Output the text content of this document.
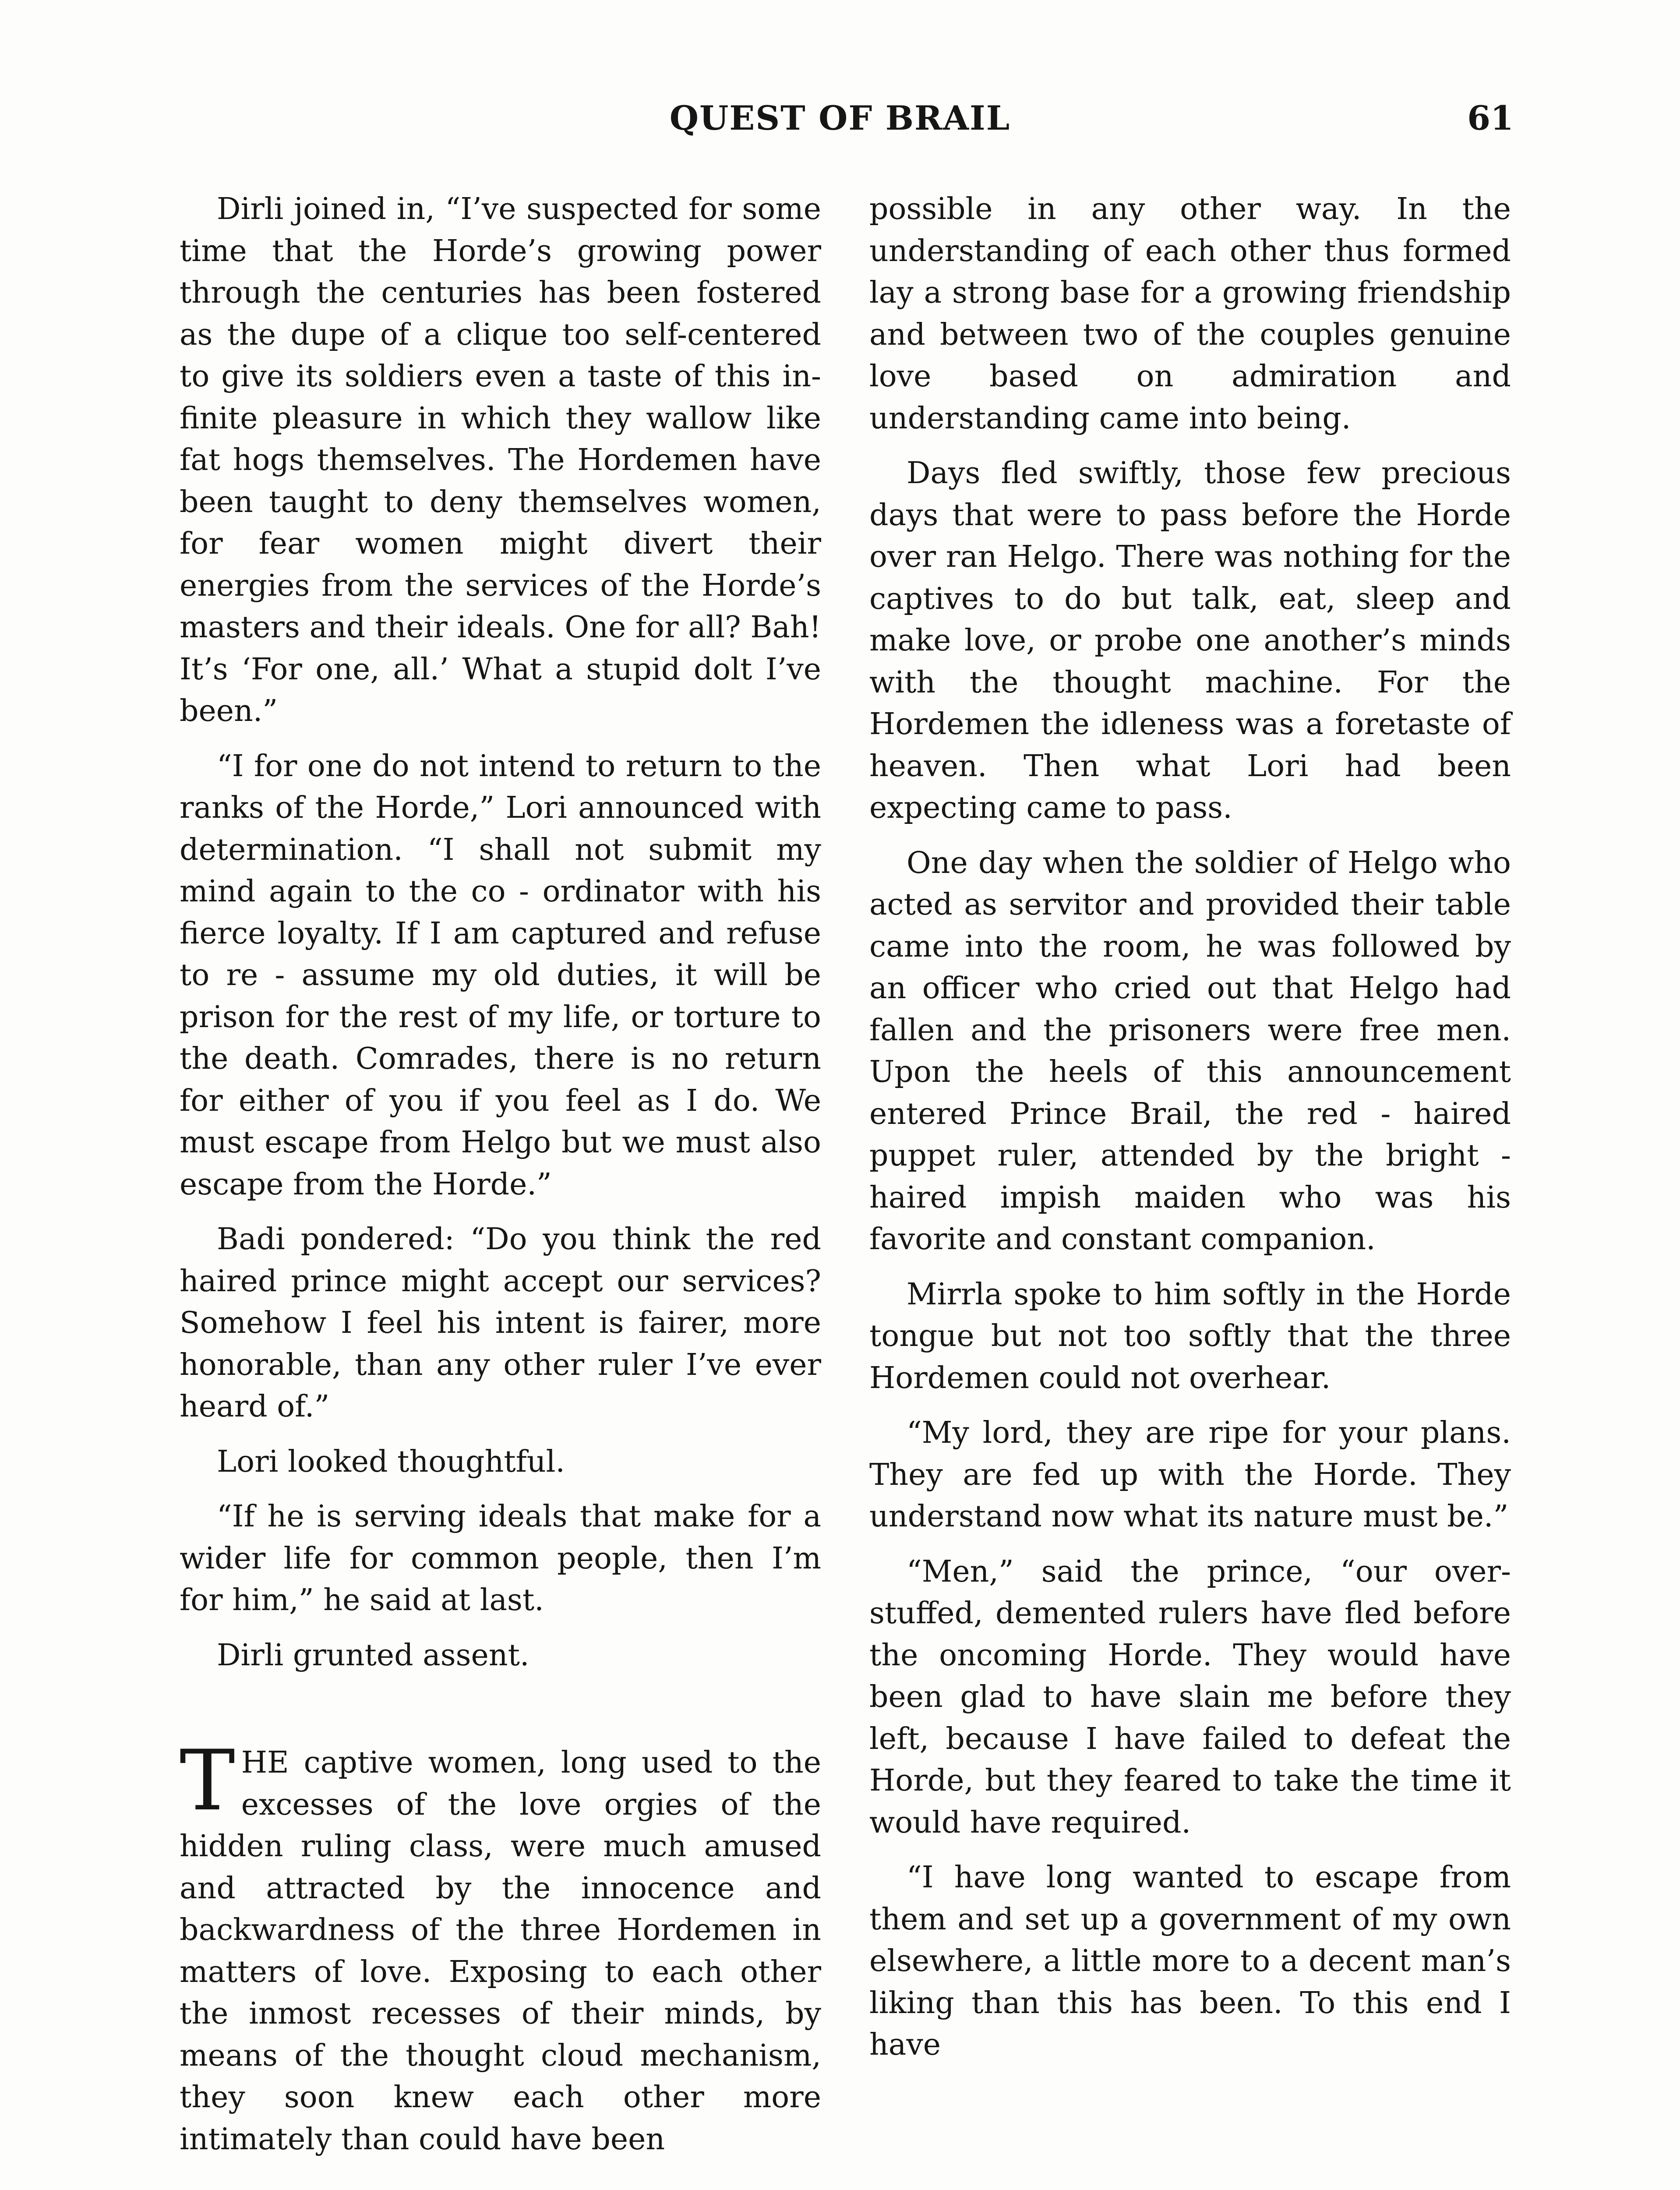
QUEST OF BRAIL	61

Dirli joined in, “I’ve suspected for some time that the Horde’s growing power through the centuries has been fostered as the dupe of a clique too self-centered to give its soldiers even a taste of this infinite pleasure in which they wallow like fat hogs themselves. The Hordemen have been taught to deny themselves women, for fear women might divert their energies from the services of the Horde’s masters and their ideals. One for all? Bah! It’s ‘For one, all.’ What a stupid dolt I’ve been.”

“I for one do not intend to return to the ranks of the Horde,” Lori announced with determination. “I shall not submit my mind again to the co - ordinator with his fierce loyalty. If I am captured and refuse to re - assume my old duties, it will be prison for the rest of my life, or torture to the death. Comrades, there is no return for either of you if you feel as I do. We must escape from Helgo but we must also escape from the Horde.”

Badi pondered: “Do you think the red haired prince might accept our services? Somehow I feel his intent is fairer, more honorable, than any other ruler I’ve ever heard of.”

Lori looked thoughtful.

“If he is serving ideals that make for a wider life for common people, then I’m for him,” he said at last.

Dirli grunted assent.

THE captive women, long used to the excesses of the love orgies of the hidden ruling class, were much amused and attracted by the innocence and backwardness of the three Hordemen in matters of love. Exposing to each other the inmost recesses of their minds, by means of the thought cloud mechanism, they soon knew each other more intimately than could have been

possible in any other way. In the understanding of each other thus formed lay a strong base for a growing friendship and between two of the couples genuine love based on admiration and understanding came into being.

Days fled swiftly, those few precious days that were to pass before the Horde over ran Helgo. There was nothing for the captives to do but talk, eat, sleep and make love, or probe one another’s minds with the thought machine. For the Hordemen the idleness was a foretaste of heaven. Then what Lori had been expecting came to pass.

One day when the soldier of Helgo who acted as servitor and provided their table came into the room, he was followed by an officer who cried out that Helgo had fallen and the prisoners were free men. Upon the heels of this announcement entered Prince Brail, the red - haired puppet ruler, attended by the bright - haired impish maiden who was his favorite and constant companion.

Mirrla spoke to him softly in the Horde tongue but not too softly that the three Hordemen could not overhear.

“My lord, they are ripe for your plans. They are fed up with the Horde. They understand now what its nature must be.”

“Men,” said the prince, “our overstuffed, demented rulers have fled before the oncoming Horde. They would have been glad to have slain me before they left, because I have failed to defeat the Horde, but they feared to take the time it would have required.

“I have long wanted to escape from them and set up a government of my own elsewhere, a little more to a decent man’s liking than this has been. To this end I have
